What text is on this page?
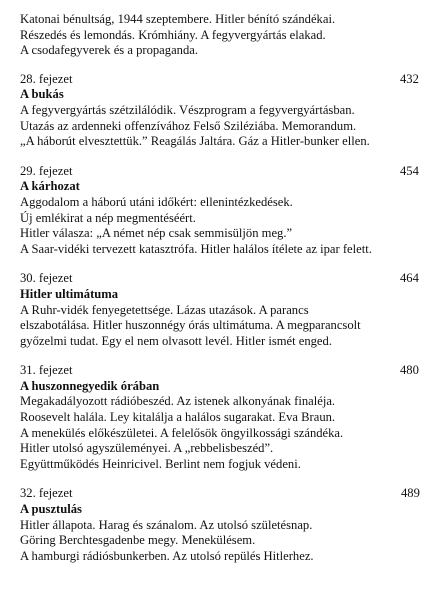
Katonai bénultság, 1944 szeptembere. Hitler bénító szándékai.
Részedés és lemondás. Krómhiány. A fegyvergyártás elakad.
A csodafegyverek és a propaganda.
28. fejezet	432
A bukás
A fegyvergyártás szétzilálódik. Vészprogram a fegyvergyártásban.
Utazás az ardenneki offenzívához Felső Sziléziába. Memorandum.
„A háborút elvesztettük.” Reagálás Jaltára. Gáz a Hitler-bunker ellen.
29. fejezet	454
A kárhozat
Aggodalom a háború utáni időkért: ellenintézkedések.
Új emlékirat a nép megmentéséért.
Hitler válasza: „A német nép csak semmisüljön meg.”
A Saar-vidéki tervezett katasztrófa. Hitler halálos ítélete az ipar felett.
30. fejezet	464
Hitler ultimátuma
A Ruhr-vidék fenyegetettsége. Lázas utazások. A parancs
elszabotálása. Hitler huszonnégy órás ultimátuma. A megparancsolt
győzelmi tudat. Egy el nem olvasott levél. Hitler ismét enged.
31. fejezet	480
A huszonnegyedik órában
Megakadályozott rádióbeszéd. Az istenek alkonyának finaléja.
Roosevelt halála. Ley kitalálja a halálos sugarakat. Eva Braun.
A menekülés előkészületei. A felelősök öngyilkossági szándéka.
Hitler utolsó agyszüleményei. A „rebbelisbeszéd”.
Együttműködés Heinricivel. Berlint nem fogjuk védeni.
32. fejezet	489
A pusztulás
Hitler állapota. Harag és szánalom. Az utolsó születésnap.
Göring Berchtesgadenbe megy. Menekülésem.
A hamburgi rádiósbunkerben. Az utolsó repülés Hitlerhez.
